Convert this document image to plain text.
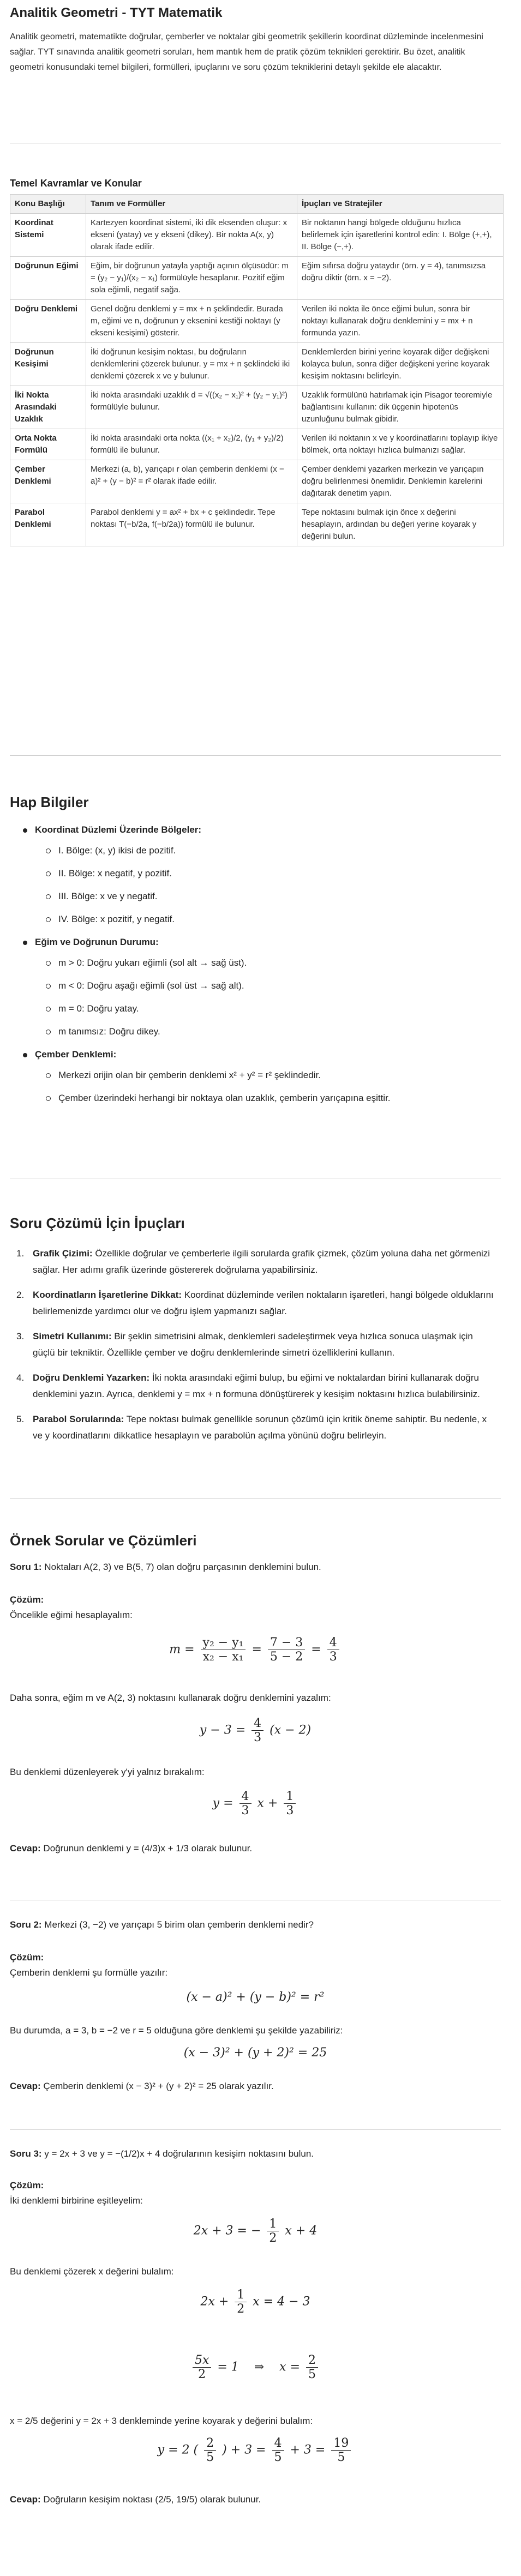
Analitik Geometri - TYT Matematik
Analitik geometri, matematikte doğrular, çemberler ve noktalar gibi geometrik şekillerin koordinat düzleminde incelenmesini sağlar. TYT sınavında analitik geometri soruları, hem mantık hem de pratik çözüm teknikleri gerektirir. Bu özet, analitik geometri konusundaki temel bilgileri, formülleri, ipuçlarını ve soru çözüm tekniklerini detaylı şekilde ele alacaktır.
Temel Kavramlar ve Konular
Konu Başlığı	Tanım ve Formüller	İpuçları ve Stratejiler
Koordinat Sistemi	Kartezyen koordinat sistemi, iki dik eksenden oluşur: x ekseni (yatay) ve y ekseni (dikey). Bir nokta A(x, y) olarak ifade edilir.	Bir noktanın hangi bölgede olduğunu hızlıca belirlemek için işaretlerini kontrol edin: I. Bölge (+,+), II. Bölge (−,+).
Doğrunun Eğimi	Eğim, bir doğrunun yatayla yaptığı açının ölçüsüdür: m = (y₂ − y₁)/(x₂ − x₁) formülüyle hesaplanır. Pozitif eğim sola eğimli, negatif sağa.	Eğim sıfırsa doğru yataydır (örn. y = 4), tanımsızsa doğru diktir (örn. x = −2).
Doğru Denklemi	Genel doğru denklemi y = mx + n şeklindedir. Burada m, eğimi ve n, doğrunun y eksenini kestiği noktayı (y ekseni kesişimi) gösterir.	Verilen iki nokta ile önce eğimi bulun, sonra bir noktayı kullanarak doğru denklemini y = mx + n formunda yazın.
Doğrunun Kesişimi	İki doğrunun kesişim noktası, bu doğruların denklemlerini çözerek bulunur. y = mx + n şeklindeki iki denklemi çözerek x ve y bulunur.	Denklemlerden birini yerine koyarak diğer değişkeni kolayca bulun, sonra diğer değişkeni yerine koyarak kesişim noktasını belirleyin.
İki Nokta Arasındaki Uzaklık	İki nokta arasındaki uzaklık d = √((x₂ − x₁)² + (y₂ − y₁)²) formülüyle bulunur.	Uzaklık formülünü hatırlamak için Pisagor teoremiyle bağlantısını kullanın: dik üçgenin hipotenüs uzunluğunu bulmak gibidir.
Orta Nokta Formülü	İki nokta arasındaki orta nokta ((x₁ + x₂)/2, (y₁ + y₂)/2) formülü ile bulunur.	Verilen iki noktanın x ve y koordinatlarını toplayıp ikiye bölmek, orta noktayı hızlıca bulmanızı sağlar.
Çember Denklemi	Merkezi (a, b), yarıçapı r olan çemberin denklemi (x − a)² + (y − b)² = r² olarak ifade edilir.	Çember denklemi yazarken merkezin ve yarıçapın doğru belirlenmesi önemlidir. Denklemin karelerini dağıtarak denetim yapın.
Parabol Denklemi	Parabol denklemi y = ax² + bx + c şeklindedir. Tepe noktası T(−b/2a, f(−b/2a)) formülü ile bulunur.	Tepe noktasını bulmak için önce x değerini hesaplayın, ardından bu değeri yerine koyarak y değerini bulun.
Hap Bilgiler
Koordinat Düzlemi Üzerinde Bölgeler:
I. Bölge: (x, y) ikisi de pozitif.
II. Bölge: x negatif, y pozitif.
III. Bölge: x ve y negatif.
IV. Bölge: x pozitif, y negatif.
Eğim ve Doğrunun Durumu:
m > 0: Doğru yukarı eğimli (sol alt → sağ üst).
m < 0: Doğru aşağı eğimli (sol üst → sağ alt).
m = 0: Doğru yatay.
m tanımsız: Doğru dikey.
Çember Denklemi:
Merkezi orijin olan bir çemberin denklemi x² + y² = r² şeklindedir.
Çember üzerindeki herhangi bir noktaya olan uzaklık, çemberin yarıçapına eşittir.
Soru Çözümü İçin İpuçları
1. Grafik Çizimi: Özellikle doğrular ve çemberlerle ilgili sorularda grafik çizmek, çözüm yoluna daha net görmenizi sağlar. Her adımı grafik üzerinde göstererek doğrulama yapabilirsiniz.
2. Koordinatların İşaretlerine Dikkat: Koordinat düzleminde verilen noktaların işaretleri, hangi bölgede olduklarını belirlemenizde yardımcı olur ve doğru işlem yapmanızı sağlar.
3. Simetri Kullanımı: Bir şeklin simetrisini almak, denklemleri sadeleştirmek veya hızlıca sonuca ulaşmak için güçlü bir tekniktir. Özellikle çember ve doğru denklemlerinde simetri özelliklerini kullanın.
4. Doğru Denklemi Yazarken: İki nokta arasındaki eğimi bulup, bu eğimi ve noktalardan birini kullanarak doğru denklemini yazın. Ayrıca, denklemi y = mx + n formuna dönüştürerek y kesişim noktasını hızlıca bulabilirsiniz.
5. Parabol Sorularında: Tepe noktası bulmak genellikle sorunun çözümü için kritik öneme sahiptir. Bu nedenle, x ve y koordinatlarını dikkatlice hesaplayın ve parabolün açılma yönünü doğru belirleyin.
Örnek Sorular ve Çözümleri
Soru 1: Noktaları A(2, 3) ve B(5, 7) olan doğru parçasının denklemini bulun.
Çözüm:
Öncelikle eğimi hesaplayalım:
$m = \frac{\text{y₂ − y₁}}{\text{x₂ − x₁}} = \frac{7 - 3}{5 - 2} = \frac{4}{3}$
Daha sonra, eğim m ve A(2, 3) noktasını kullanarak doğru denklemini yazalım:
$y - 3 = \frac{4}{3} (x - 2)$
Bu denklemi düzenleyerek y'yi yalnız bırakalım:
$y = \frac{4}{3}$ $x + \frac{1}{3}$
Cevap: Doğrunun denklemi y = (4/3)x + 1/3 olarak bulunur.
Soru 2: Merkezi (3, −2) ve yarıçapı 5 birim olan çemberin denklemi nedir?
Çözüm:
Çemberin denklemi şu formülle yazılır:
(x − a)² + (y − b)² = r²
Bu durumda, a = 3, b = −2 ve r = 5 olduğuna göre denklemi şu şekilde yazabiliriz:
(x − 3)² + (y + 2)² = 25
Cevap: Çemberin denklemi (x − 3)² + (y + 2)² = 25 olarak yazılır.
Soru 3: y = 2x + 3 ve y = −(1/2)x + 4 doğrularının kesişim noktasını bulun.
Çözüm:
İki denklemi birbirine eşitleyelim:
2x + 3 = − $\frac{1}{2}$ x + 4
Bu denklemi çözerek x değerini bulalım:
$2x + \frac{1}{2}$ x = 4 − 3
$\frac{5x}{2} = 1$    ⇒    $x = \frac{2}{5}$
x = 2/5 değerini y = 2x + 3 denkleminde yerine koyarak y değerini bulalım:
y = 2 ( $\frac{2}{5}$ ) + $3 = \frac{4}{5} + 3 = \frac{19}{5}$
Cevap: Doğruların kesişim noktası (2/5, 19/5) olarak bulunur.
